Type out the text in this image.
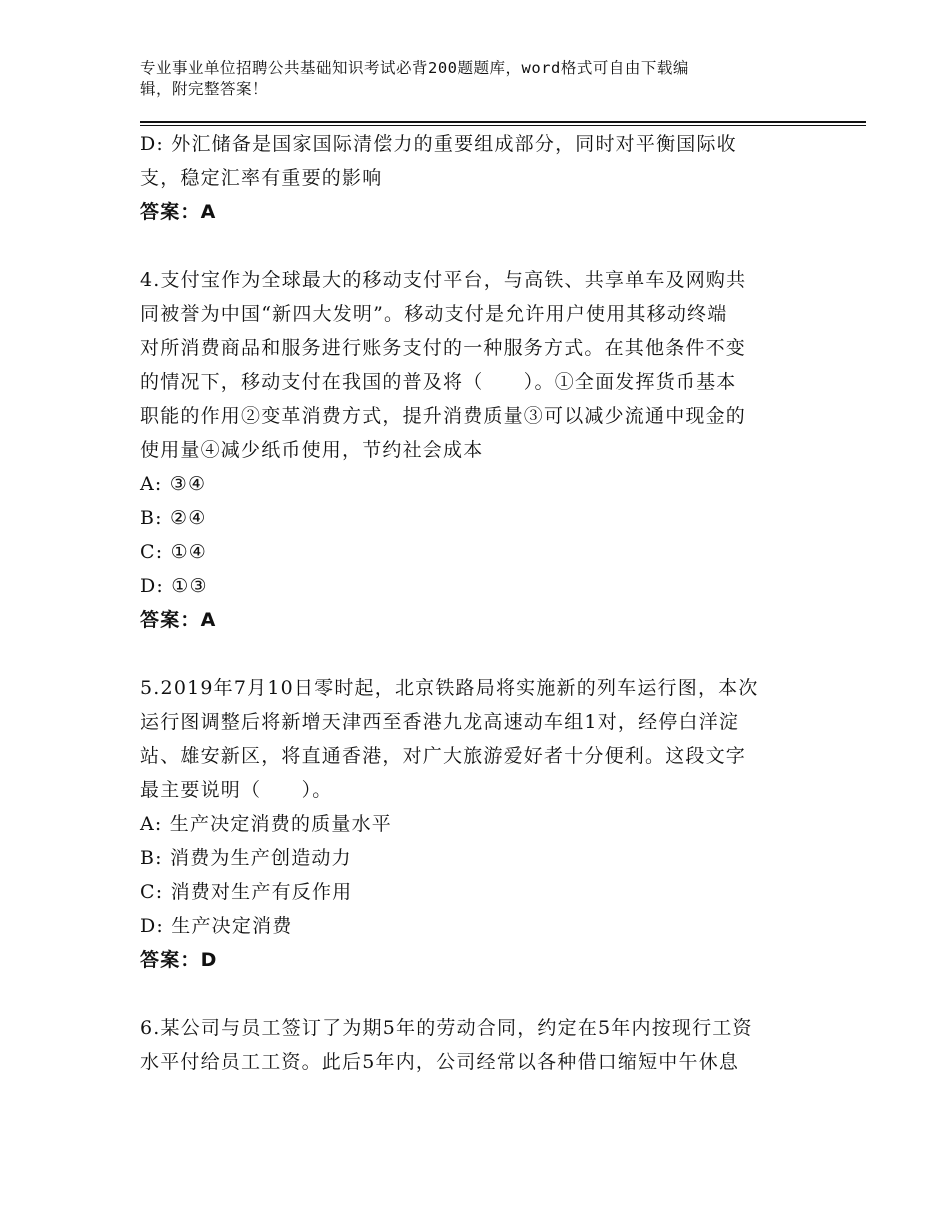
专业事业单位招聘公共基础知识考试必背200题题库，word格式可自由下载编
辑，附完整答案！

D: 外汇储备是国家国际清偿力的重要组成部分，同时对平衡国际收

支，稳定汇率有重要的影响

答案：A

4.支付宝作为全球最大的移动支付平台，与高铁、共享单车及网购共

同被誉为中国“新四大发明”。移动支付是允许用户使用其移动终端

对所消费商品和服务进行账务支付的一种服务方式。在其他条件不变

的情况下，移动支付在我国的普及将（　　）。①全面发挥货币基本

职能的作用②变革消费方式，提升消费质量③可以减少流通中现金的

使用量④减少纸币使用，节约社会成本

A: ③④

B: ②④

C: ①④

D: ①③

答案：A

5.2019年7月10日零时起，北京铁路局将实施新的列车运行图，本次

运行图调整后将新增天津西至香港九龙高速动车组1对，经停白洋淀

站、雄安新区，将直通香港，对广大旅游爱好者十分便利。这段文字

最主要说明（　　）。

A: 生产决定消费的质量水平

B: 消费为生产创造动力

C: 消费对生产有反作用

D: 生产决定消费

答案：D

6.某公司与员工签订了为期5年的劳动合同，约定在5年内按现行工资

水平付给员工工资。此后5年内，公司经常以各种借口缩短中午休息
